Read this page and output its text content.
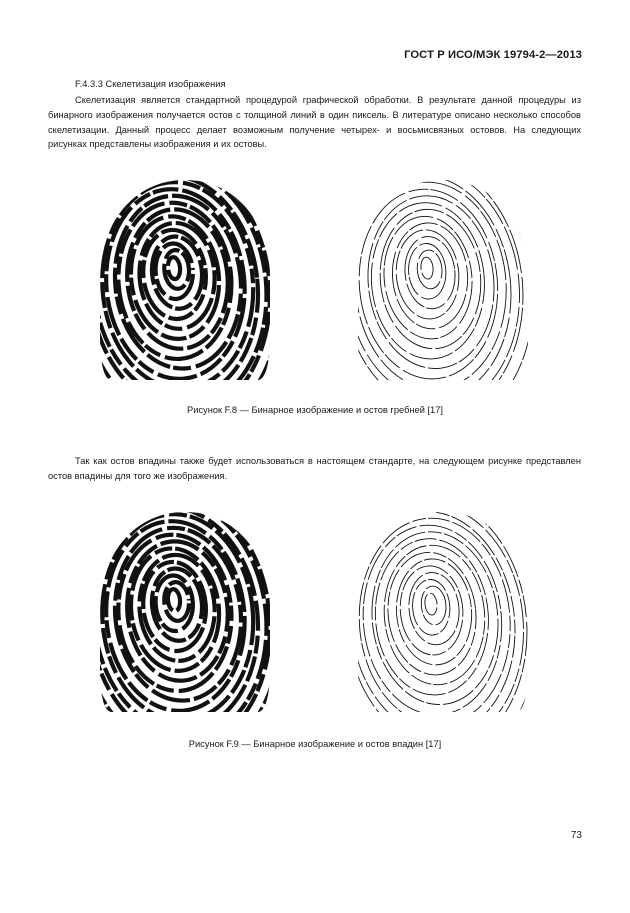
ГОСТ Р ИСО/МЭК 19794-2—2013
F.4.3.3 Скелетизация изображения

Скелетизация является стандартной процедурой графической обработки. В результате данной процедуры из бинарного изображения получается остов с толщиной линий в один пиксель. В литературе описано несколько способов скелетизации. Данный процесс делает возможным получение четырех- и восьмисвязных остовов. На следующих рисунках представлены изображения и их остовы.

Рисунок F.8 — Бинарное изображение и остов гребней [17]

Так как остов впадины также будет использоваться в настоящем стандарте, на следующем рисунке представлен остов впадины для того же изображения.

Рисунок F.9 — Бинарное изображение и остов впадин [17]
73
